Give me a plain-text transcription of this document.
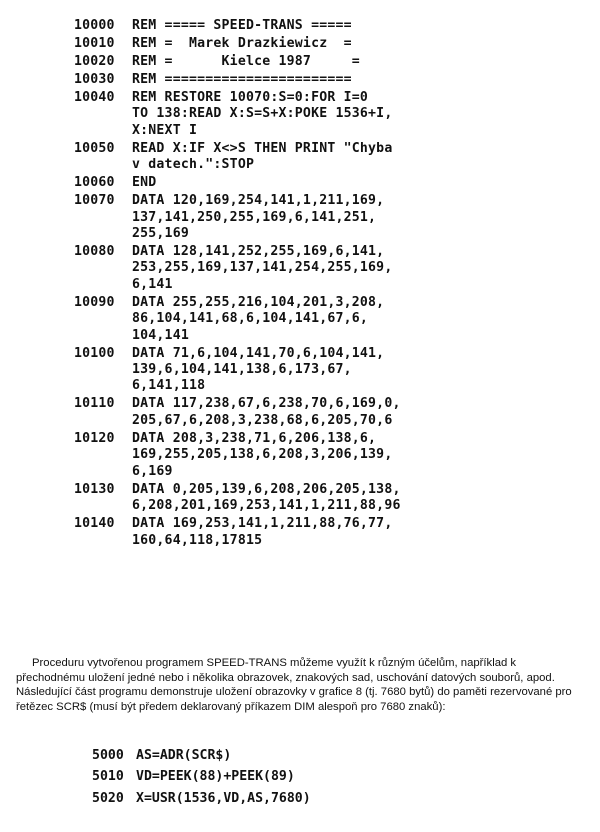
10000	REM ===== SPEED-TRANS =====
10010	REM =  Marek Drazkiewicz  =
10020	REM =      Kielce 1987     =
10030	REM =======================
10040	REM RESTORE 10070:S=0:FOR I=0
TO 138:READ X:S=S+X:POKE 1536+I,
X:NEXT I
10050	READ X:IF X<>S THEN PRINT "Chyba
v datech.":STOP
10060	END
10070	DATA 120,169,254,141,1,211,169,
137,141,250,255,169,6,141,251,
255,169
10080	DATA 128,141,252,255,169,6,141,
253,255,169,137,141,254,255,169,
6,141
10090	DATA 255,255,216,104,201,3,208,
86,104,141,68,6,104,141,67,6,
104,141
10100	DATA 71,6,104,141,70,6,104,141,
139,6,104,141,138,6,173,67,
6,141,118
10110	DATA 117,238,67,6,238,70,6,169,0,
205,67,6,208,3,238,68,6,205,70,6
10120	DATA 208,3,238,71,6,206,138,6,
169,255,205,138,6,208,3,206,139,
6,169
10130	DATA 0,205,139,6,208,206,205,138,
6,208,201,169,253,141,1,211,88,96
10140	DATA 169,253,141,1,211,88,76,77,
160,64,118,17815

Proceduru vytvořenou programem SPEED-TRANS můžeme využít k různým účelům, například k přechodnému uložení jedné nebo i několika obrazovek, znakových sad, uschování datových souborů, apod. Následující část programu demonstruje uložení obrazovky v grafice 8 (tj. 7680 bytů) do paměti rezervované pro řetězec SCR$ (musí být předem deklarovaný příkazem DIM alespoň pro 7680 znaků):

5000 AS=ADR(SCR$)
5010 VD=PEEK(88)+PEEK(89)
5020 X=USR(1536,VD,AS,7680)
